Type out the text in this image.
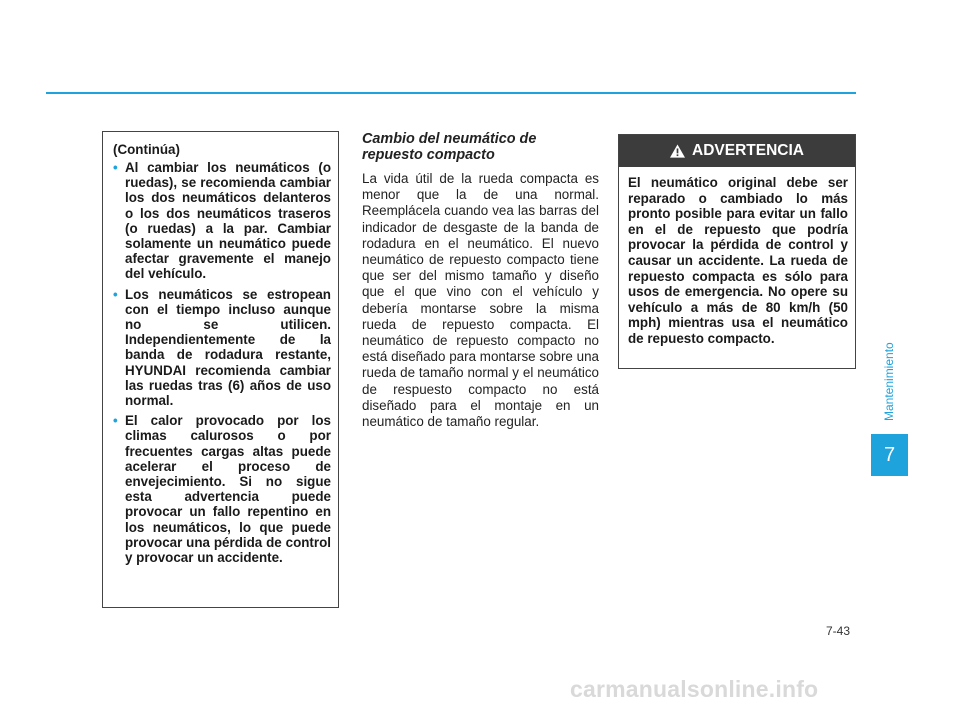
(Continúa)
• Al cambiar los neumáticos (o ruedas), se recomienda cambiar los dos neumáticos delanteros o los dos neumáticos traseros (o ruedas) a la par. Cambiar solamente un neumático puede afectar gravemente el manejo del vehículo.
• Los neumáticos se estropean con el tiempo incluso aunque no se utilicen. Independientemente de la banda de rodadura restante, HYUNDAI recomienda cambiar las ruedas tras (6) años de uso normal.
• El calor provocado por los climas calurosos o por frecuentes cargas altas puede acelerar el proceso de envejecimiento. Si no sigue esta advertencia puede provocar un fallo repentino en los neumáticos, lo que puede provocar una pérdida de control y provocar un accidente.
Cambio del neumático de repuesto compacto

La vida útil de la rueda compacta es menor que la de una normal. Reemplácela cuando vea las barras del indicador de desgaste de la banda de rodadura en el neumático. El nuevo neumático de repuesto compacto tiene que ser del mismo tamaño y diseño que el que vino con el vehículo y debería montarse sobre la misma rueda de repuesto compacta. El neumático de repuesto compacto no está diseñado para montarse sobre una rueda de tamaño normal y el neumático de respuesto compacto no está diseñado para el montaje en un neumático de tamaño regular.

ADVERTENCIA
El neumático original debe ser reparado o cambiado lo más pronto posible para evitar un fallo en el de repuesto que podría provocar la pérdida de control y causar un accidente. La rueda de repuesto compacta es sólo para usos de emergencia. No opere su vehículo a más de 80 km/h (50 mph) mientras usa el neumático de repuesto compacto.
Mantenimiento
7
7-43
carmanualsonline.info
